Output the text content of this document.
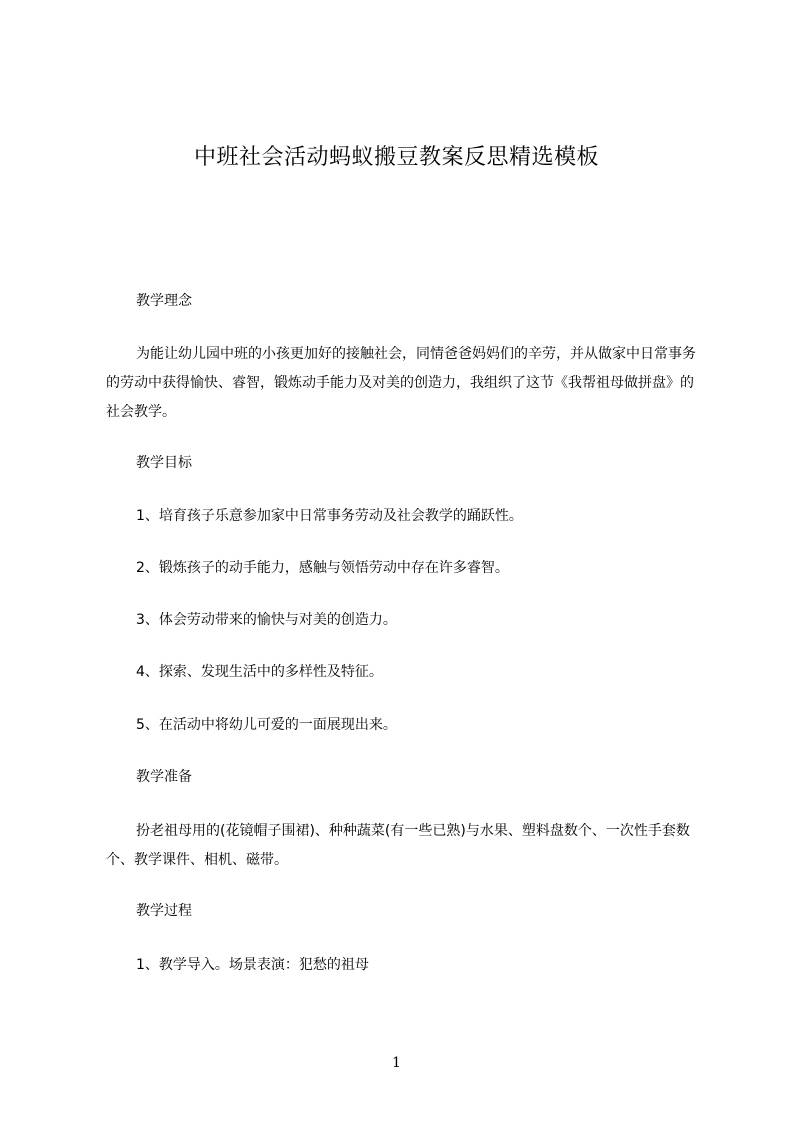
中班社会活动蚂蚁搬豆教案反思精选模板

教学理念

为能让幼儿园中班的小孩更加好的接触社会，同情爸爸妈妈们的辛劳，并从做家中日常事务的劳动中获得愉快、睿智，锻炼动手能力及对美的创造力，我组织了这节《我帮祖母做拼盘》的社会教学。

教学目标

1、培育孩子乐意参加家中日常事务劳动及社会教学的踊跃性。

2、锻炼孩子的动手能力，感触与领悟劳动中存在许多睿智。

3、体会劳动带来的愉快与对美的创造力。

4、探索、发现生活中的多样性及特征。

5、在活动中将幼儿可爱的一面展现出来。

教学准备

扮老祖母用的(花镜帽子围裙)、种种蔬菜(有一些已熟)与水果、塑料盘数个、一次性手套数个、教学课件、相机、磁带。

教学过程

1、教学导入。场景表演：犯愁的祖母

1
